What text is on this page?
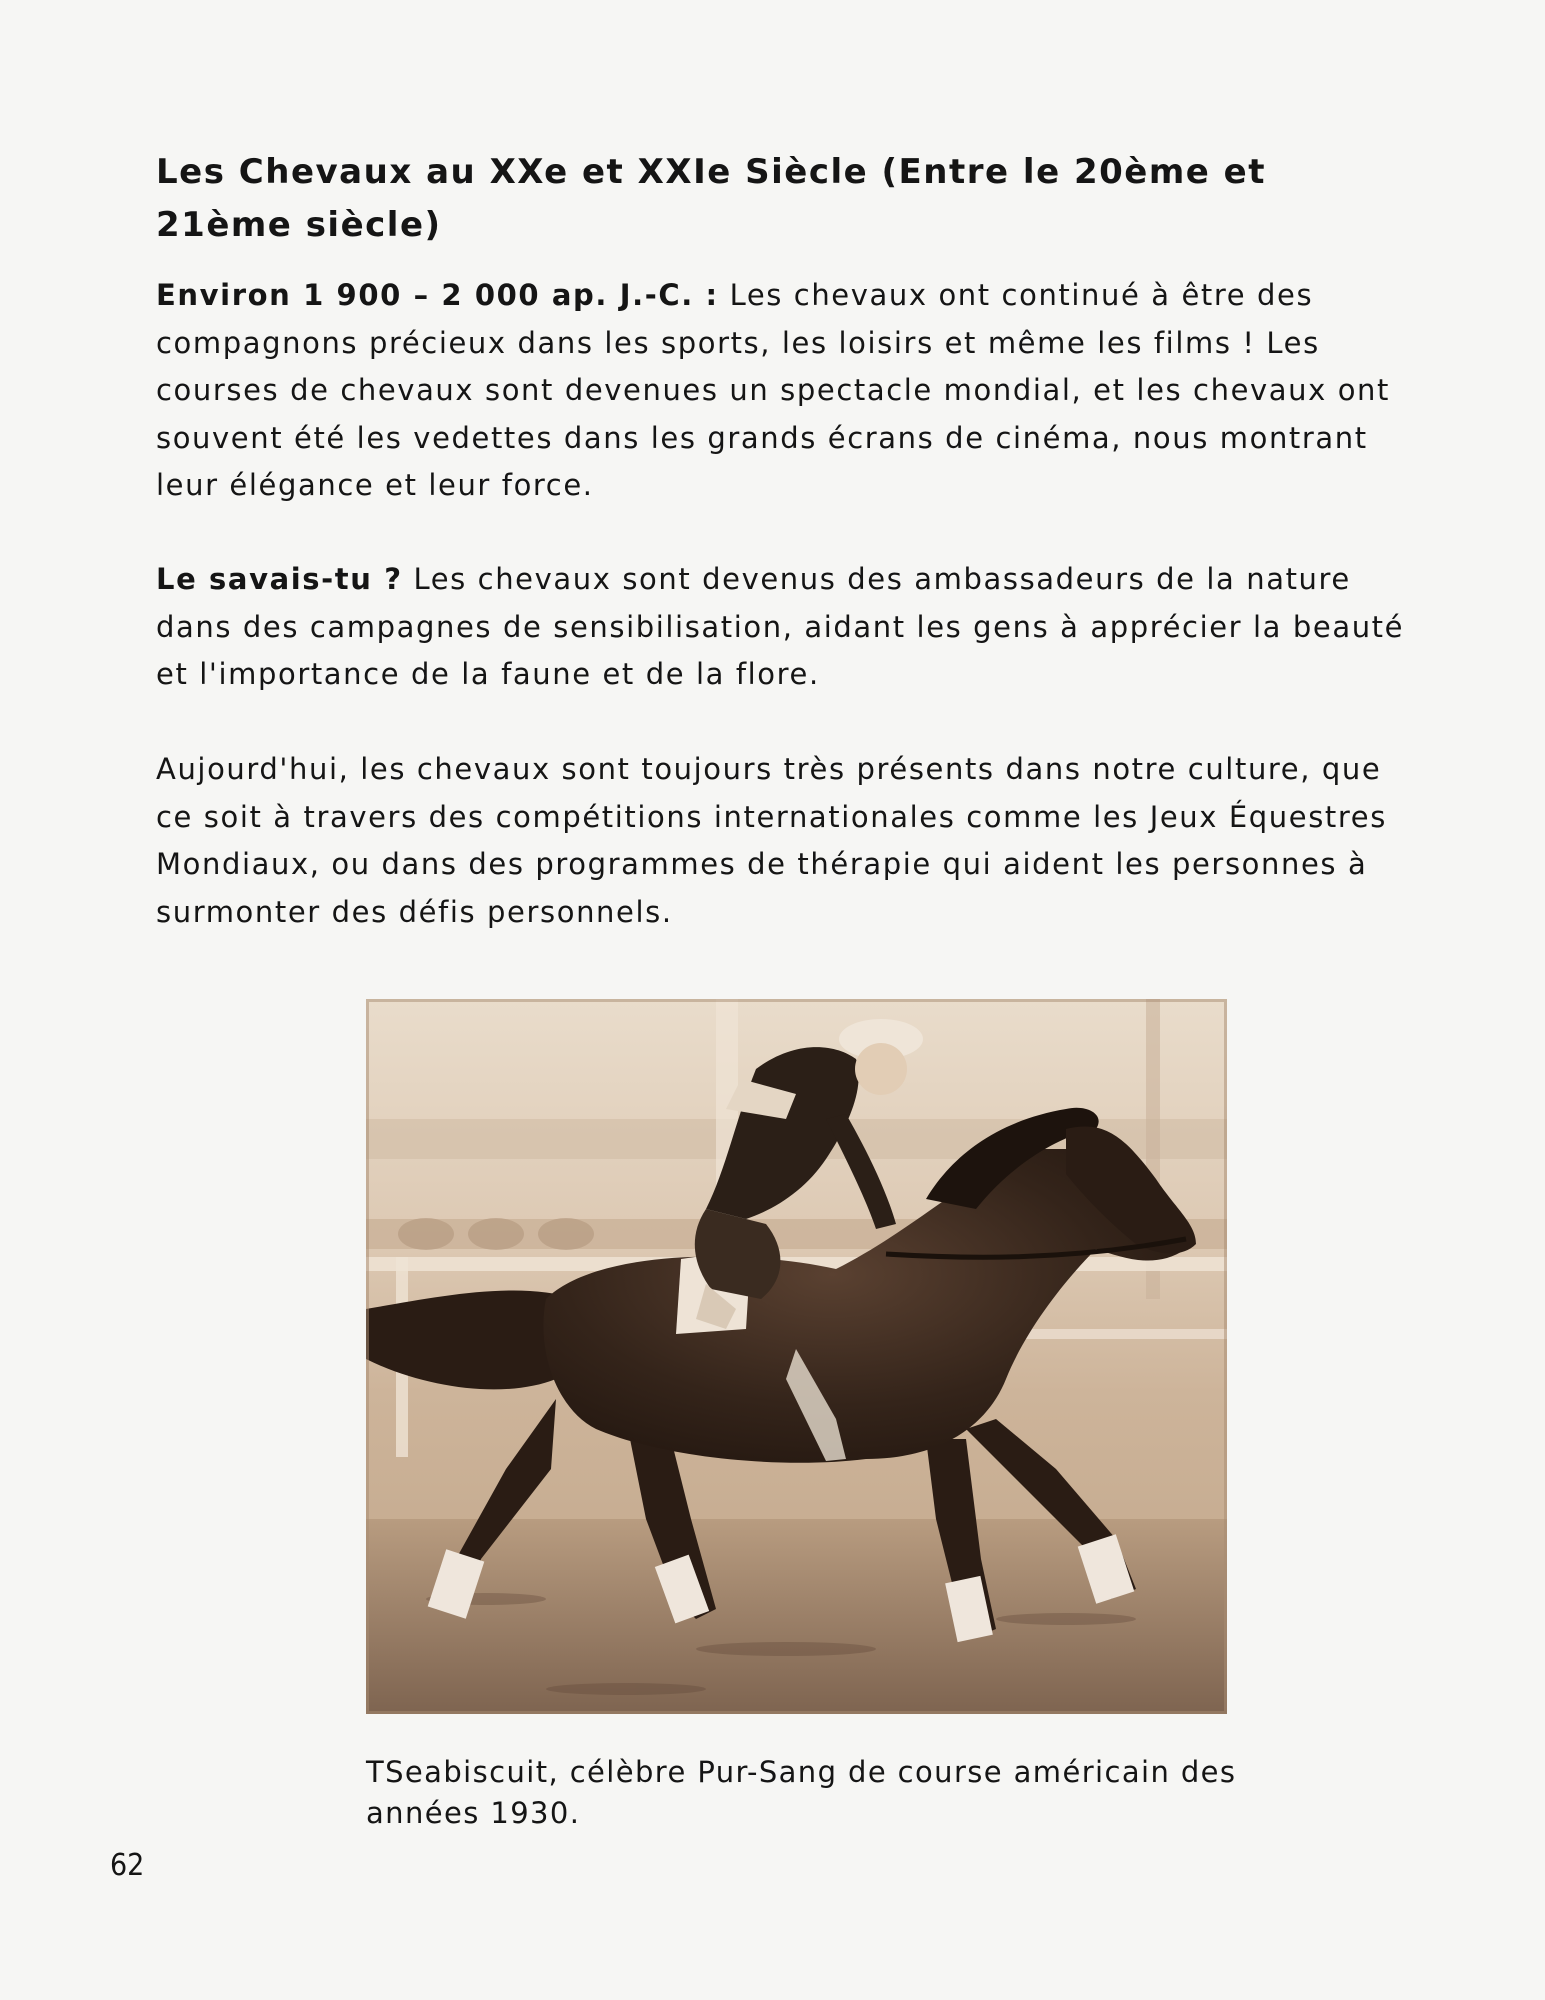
Les Chevaux au XXe et XXIe Siècle (Entre le 20ème et 21ème siècle)

Environ 1 900 – 2 000 ap. J.-C. : Les chevaux ont continué à être des compagnons précieux dans les sports, les loisirs et même les films ! Les courses de chevaux sont devenues un spectacle mondial, et les chevaux ont souvent été les vedettes dans les grands écrans de cinéma, nous montrant leur élégance et leur force.

Le savais-tu ? Les chevaux sont devenus des ambassadeurs de la nature dans des campagnes de sensibilisation, aidant les gens à apprécier la beauté et l'importance de la faune et de la flore.

Aujourd'hui, les chevaux sont toujours très présents dans notre culture, que ce soit à travers des compétitions internationales comme les Jeux Équestres Mondiaux, ou dans des programmes de thérapie qui aident les personnes à surmonter des défis personnels.

TSeabiscuit, célèbre Pur-Sang de course américain des années 1930.

62
